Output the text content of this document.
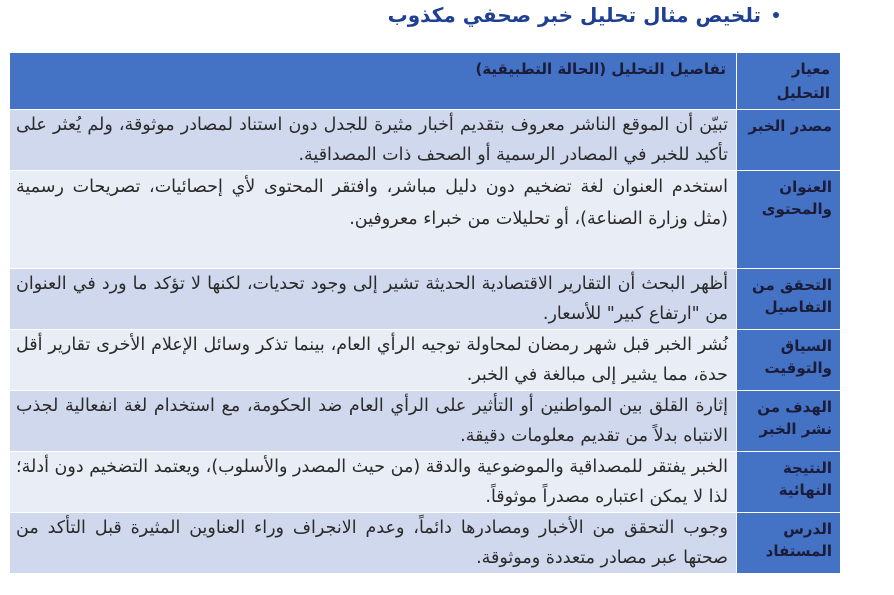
تلخيص مثال تحليل خبر صحفي مكذوب
معيار التحليل	تفاصيل التحليل (الحالة التطبيقية)
مصدر الخبر	تبيّن أن الموقع الناشر معروف بتقديم أخبار مثيرة للجدل دون استناد لمصادر موثوقة، ولم يُعثر على تأكيد للخبر في المصادر الرسمية أو الصحف ذات المصداقية.
العنوان والمحتوى	استخدم العنوان لغة تضخيم دون دليل مباشر، وافتقر المحتوى لأي إحصائيات، تصريحات رسمية (مثل وزارة الصناعة)، أو تحليلات من خبراء معروفين.
التحقق من التفاصيل	أظهر البحث أن التقارير الاقتصادية الحديثة تشير إلى وجود تحديات، لكنها لا تؤكد ما ورد في العنوان من "ارتفاع كبير" للأسعار.
السياق والتوقيت	نُشر الخبر قبل شهر رمضان لمحاولة توجيه الرأي العام، بينما تذكر وسائل الإعلام الأخرى تقارير أقل حدة، مما يشير إلى مبالغة في الخبر.
الهدف من نشر الخبر	إثارة القلق بين المواطنين أو التأثير على الرأي العام ضد الحكومة، مع استخدام لغة انفعالية لجذب الانتباه بدلاً من تقديم معلومات دقيقة.
النتيجة النهائية	الخبر يفتقر للمصداقية والموضوعية والدقة (من حيث المصدر والأسلوب)، ويعتمد التضخيم دون أدلة؛ لذا لا يمكن اعتباره مصدراً موثوقاً.
الدرس المستفاد	وجوب التحقق من الأخبار ومصادرها دائماً، وعدم الانجراف وراء العناوين المثيرة قبل التأكد من صحتها عبر مصادر متعددة وموثوقة.
